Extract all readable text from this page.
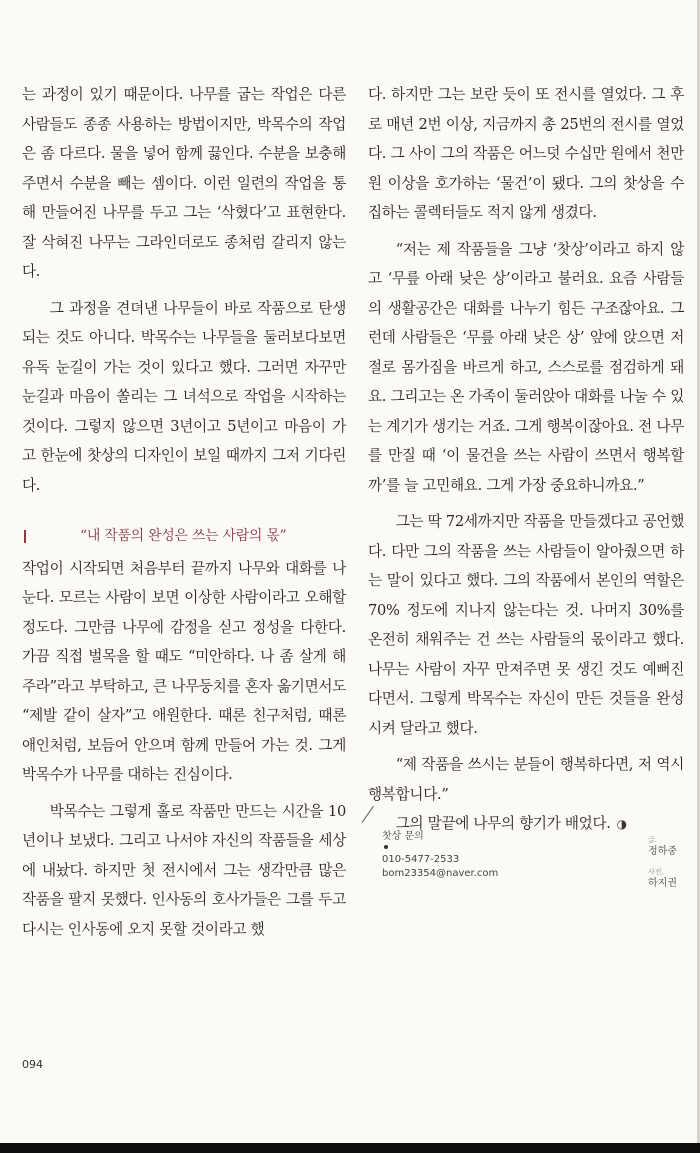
는 과정이 있기 때문이다. 나무를 굽는 작업은 다른 사람들도 종종 사용하는 방법이지만, 박목수의 작업은 좀 다르다. 물을 넣어 함께 끓인다. 수분을 보충해주면서 수분을 빼는 셈이다. 이런 일련의 작업을 통해 만들어진 나무를 두고 그는 ‘삭혔다’고 표현한다. 잘 삭혀진 나무는 그라인더로도 종처럼 갈리지 않는다.

그 과정을 견뎌낸 나무들이 바로 작품으로 탄생되는 것도 아니다. 박목수는 나무들을 둘러보다보면 유독 눈길이 가는 것이 있다고 했다. 그러면 자꾸만 눈길과 마음이 쏠리는 그 녀석으로 작업을 시작하는 것이다. 그렇지 않으면 3년이고 5년이고 마음이 가고 한눈에 찻상의 디자인이 보일 때까지 그저 기다린다.

“내 작품의 완성은 쓰는 사람의 몫”

작업이 시작되면 처음부터 끝까지 나무와 대화를 나눈다. 모르는 사람이 보면 이상한 사람이라고 오해할 정도다. 그만큼 나무에 감정을 싣고 정성을 다한다. 가끔 직접 벌목을 할 때도 “미안하다. 나 좀 살게 해주라”라고 부탁하고, 큰 나무둥치를 혼자 옮기면서도 “제발 같이 살자”고 애원한다. 때론 친구처럼, 때론 애인처럼, 보듬어 안으며 함께 만들어 가는 것. 그게 박목수가 나무를 대하는 진심이다.

박목수는 그렇게 홀로 작품만 만드는 시간을 10년이나 보냈다. 그리고 나서야 자신의 작품들을 세상에 내놨다. 하지만 첫 전시에서 그는 생각만큼 많은 작품을 팔지 못했다. 인사동의 호사가들은 그를 두고 다시는 인사동에 오지 못할 것이라고 했

다. 하지만 그는 보란 듯이 또 전시를 열었다. 그 후로 매년 2번 이상, 지금까지 총 25번의 전시를 열었다. 그 사이 그의 작품은 어느덧 수십만 원에서 천만 원 이상을 호가하는 ‘물건’이 됐다. 그의 찻상을 수집하는 콜렉터들도 적지 않게 생겼다.

“저는 제 작품들을 그냥 ‘찻상’이라고 하지 않고 ‘무릎 아래 낮은 상’이라고 불러요. 요즘 사람들의 생활공간은 대화를 나누기 힘든 구조잖아요. 그런데 사람들은 ‘무릎 아래 낮은 상’ 앞에 앉으면 저절로 몸가짐을 바르게 하고, 스스로를 점검하게 돼요. 그리고는 온 가족이 둘러앉아 대화를 나눌 수 있는 계기가 생기는 거죠. 그게 행복이잖아요. 전 나무를 만질 때 ‘이 물건을 쓰는 사람이 쓰면서 행복할까’를 늘 고민해요. 그게 가장 중요하니까요.”

그는 딱 72세까지만 작품을 만들겠다고 공언했다. 다만 그의 작품을 쓰는 사람들이 알아줬으면 하는 말이 있다고 했다. 그의 작품에서 본인의 역할은 70% 정도에 지나지 않는다는 것. 나머지 30%를 온전히 채워주는 건 쓰는 사람들의 몫이라고 했다. 나무는 사람이 자꾸 만져주면 못 생긴 것도 예뻐진다면서. 그렇게 박목수는 자신이 만든 것들을 완성시켜 달라고 했다.

“제 작품을 쓰시는 분들이 행복하다면, 저 역시 행복합니다.”

그의 말끝에 나무의 향기가 배었다. ◑

찻상 문의
010-5477-2533
bom23354@naver.com
글.
정하중
사진.
하지권
094
